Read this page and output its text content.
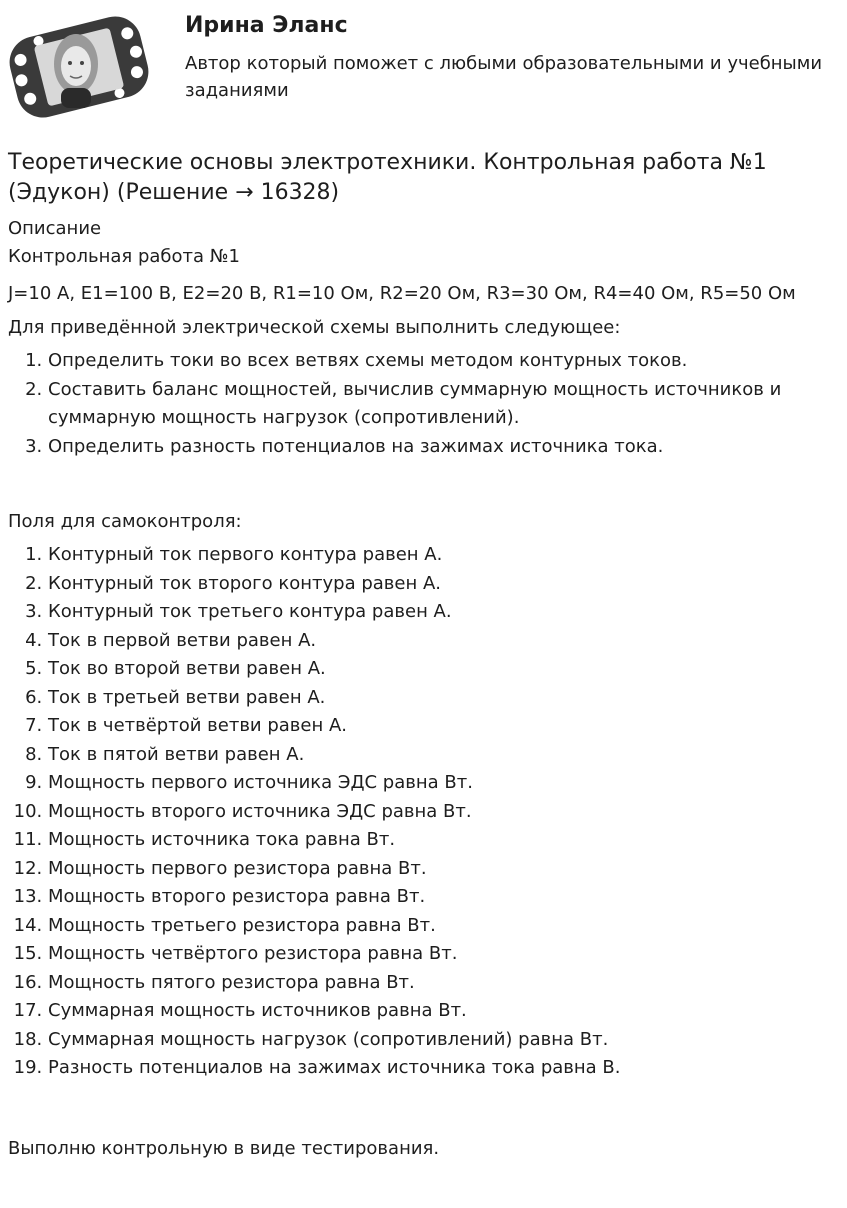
Ирина Эланс

Автор который поможет с любыми образовательными и учебными заданиями

Теоретические основы электротехники. Контрольная работа №1 (Эдукон) (Решение → 16328)

Описание

Контрольная работа №1

J=10 А, E1=100 В, E2=20 В, R1=10 Ом, R2=20 Ом, R3=30 Ом, R4=40 Ом, R5=50 Ом

Для приведённой электрической схемы выполнить следующее:

1. Определить токи во всех ветвях схемы методом контурных токов.
2. Составить баланс мощностей, вычислив суммарную мощность источников и суммарную мощность нагрузок (сопротивлений).
3. Определить разность потенциалов на зажимах источника тока.

Поля для самоконтроля:

1. Контурный ток первого контура равен А.
2. Контурный ток второго контура равен А.
3. Контурный ток третьего контура равен А.
4. Ток в первой ветви равен А.
5. Ток во второй ветви равен А.
6. Ток в третьей ветви равен А.
7. Ток в четвёртой ветви равен А.
8. Ток в пятой ветви равен А.
9. Мощность первого источника ЭДС равна Вт.
10. Мощность второго источника ЭДС равна Вт.
11. Мощность источника тока равна Вт.
12. Мощность первого резистора равна Вт.
13. Мощность второго резистора равна Вт.
14. Мощность третьего резистора равна Вт.
15. Мощность четвёртого резистора равна Вт.
16. Мощность пятого резистора равна Вт.
17. Суммарная мощность источников равна Вт.
18. Суммарная мощность нагрузок (сопротивлений) равна Вт.
19. Разность потенциалов на зажимах источника тока равна В.

Выполню контрольную в виде тестирования.
